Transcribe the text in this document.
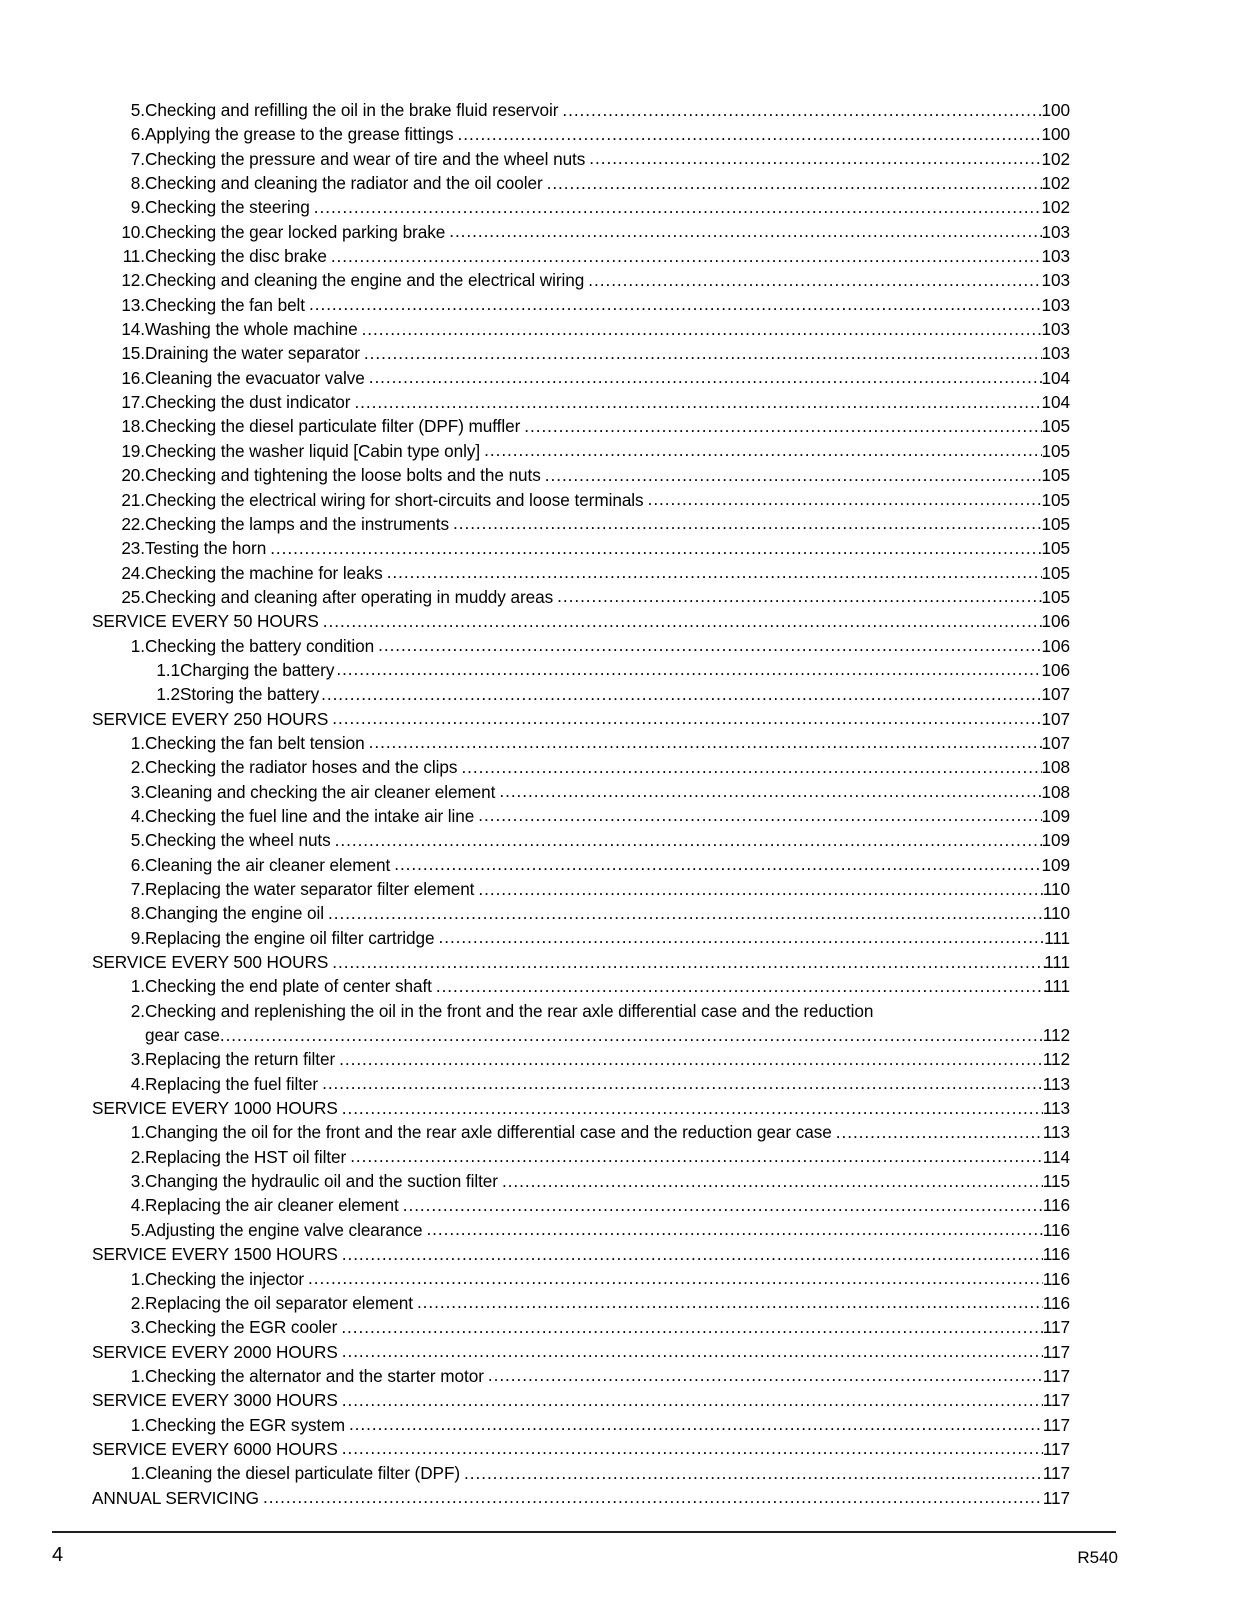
5. Checking and refilling the oil in the brake fluid reservoir .....	100
6. Applying the grease to the grease fittings .....	100
7. Checking the pressure and wear of tire and the wheel nuts .....	102
8. Checking and cleaning the radiator and the oil cooler .....	102
9. Checking the steering .....	102
10. Checking the gear locked parking brake .....	103
11. Checking the disc brake .....	103
12. Checking and cleaning the engine and the electrical wiring .....	103
13. Checking the fan belt .....	103
14. Washing the whole machine .....	103
15. Draining the water separator .....	103
16. Cleaning the evacuator valve .....	104
17. Checking the dust indicator .....	104
18. Checking the diesel particulate filter (DPF) muffler .....	105
19. Checking the washer liquid [Cabin type only] .....	105
20. Checking and tightening the loose bolts and the nuts .....	105
21. Checking the electrical wiring for short-circuits and loose terminals .....	105
22. Checking the lamps and the instruments .....	105
23. Testing the horn .....	105
24. Checking the machine for leaks .....	105
25. Checking and cleaning after operating in muddy areas .....	105
SERVICE EVERY 50 HOURS .....	106
1. Checking the battery condition .....	106
1.1 Charging the battery .....	106
1.2 Storing the battery .....	107
SERVICE EVERY 250 HOURS .....	107
1. Checking the fan belt tension .....	107
2. Checking the radiator hoses and the clips .....	108
3. Cleaning and checking the air cleaner element .....	108
4. Checking the fuel line and the intake air line .....	109
5. Checking the wheel nuts .....	109
6. Cleaning the air cleaner element .....	109
7. Replacing the water separator filter element .....	110
8. Changing the engine oil .....	110
9. Replacing the engine oil filter cartridge .....	111
SERVICE EVERY 500 HOURS .....	111
1. Checking the end plate of center shaft .....	111
2. Checking and replenishing the oil in the front and the rear axle differential case and the reduction
gear case .....	112
3. Replacing the return filter .....	112
4. Replacing the fuel filter .....	113
SERVICE EVERY 1000 HOURS .....	113
1. Changing the oil for the front and the rear axle differential case and the reduction gear case .....	113
2. Replacing the HST oil filter .....	114
3. Changing the hydraulic oil and the suction filter .....	115
4. Replacing the air cleaner element .....	116
5. Adjusting the engine valve clearance .....	116
SERVICE EVERY 1500 HOURS .....	116
1. Checking the injector .....	116
2. Replacing the oil separator element .....	116
3. Checking the EGR cooler .....	117
SERVICE EVERY 2000 HOURS .....	117
1. Checking the alternator and the starter motor .....	117
SERVICE EVERY 3000 HOURS .....	117
1. Checking the EGR system .....	117
SERVICE EVERY 6000 HOURS .....	117
1. Cleaning the diesel particulate filter (DPF) .....	117
ANNUAL SERVICING .....	117
4	R540
